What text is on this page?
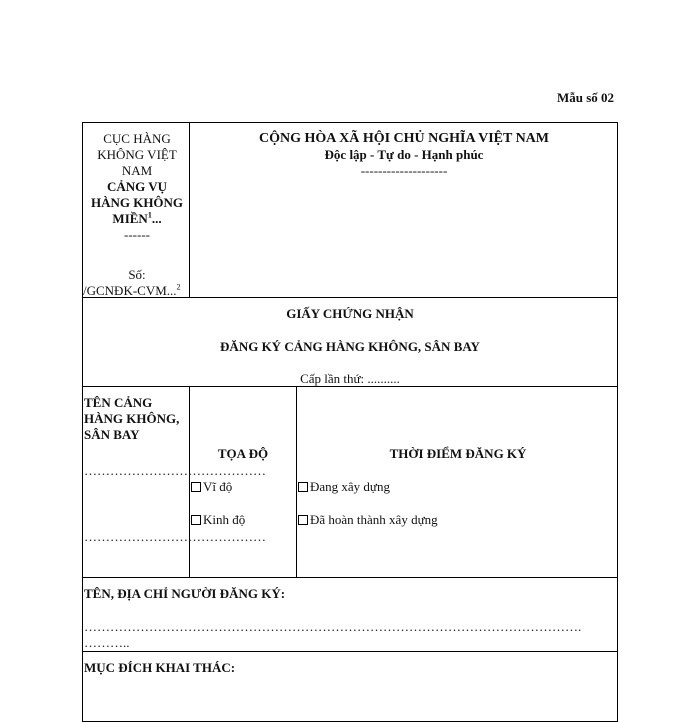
Mẫu số 02
CỤC HÀNG KHÔNG VIỆT NAM
CẢNG VỤ HÀNG KHÔNG MIỀN$^1$...
------
Số:
/GCNĐK-CVM...$^2$
CỘNG HÒA XÃ HỘI CHỦ NGHĨA VIỆT NAM
Độc lập - Tự do - Hạnh phúc
--------------------
GIẤY CHỨNG NHẬN
ĐĂNG KÝ CẢNG HÀNG KHÔNG, SÂN BAY
Cấp lần thứ: ..........
TÊN CẢNG HÀNG KHÔNG, SÂN BAY
……………………………………
……………………………………
TỌA ĐỘ
Vĩ độ
Kinh độ
THỜI ĐIỂM ĐĂNG KÝ
Đang xây dựng
Đã hoàn thành xây dựng
TÊN, ĐỊA CHỈ NGƯỜI ĐĂNG KÝ:
…………………………………………………………………………………………………….
………..
MỤC ĐÍCH KHAI THÁC:
